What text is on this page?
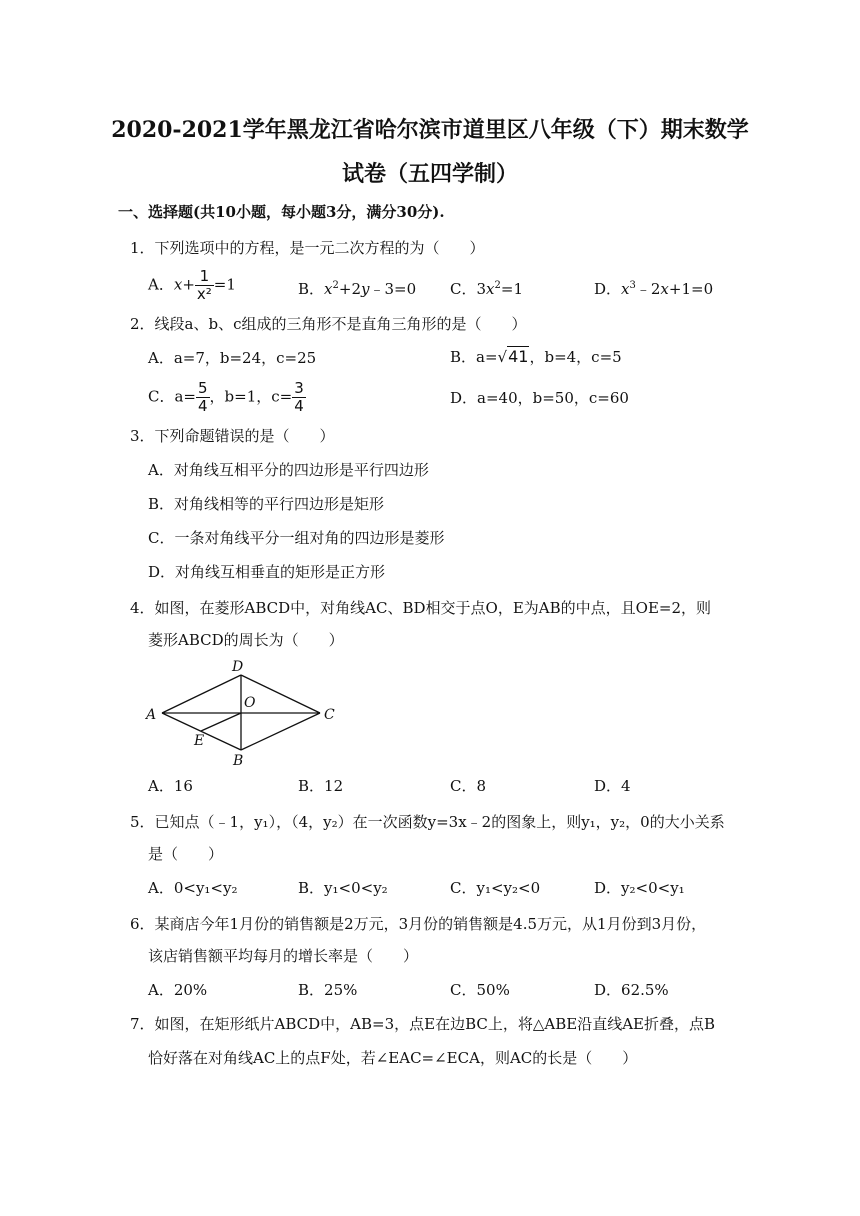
2020-2021学年黑龙江省哈尔滨市道里区八年级（下）期末数学
试卷（五四学制）
一、选择题(共10小题，每小题3分，满分30分).
1．下列选项中的方程，是一元二次方程的为（　　）
A．$x+ \frac{1}{\text{x²}} =1$	B．$x^2+2y﹣3=0$ C．$3x^2=1$	D．$x^3﹣2x+1=0$
2．线段a、b、c组成的三角形不是直角三角形的是（　　）
A．a=7，b=24，c=25	B．a=√41，b=4，c=5
C．$a= \frac{5}{4}$ ，b=1，$c= \frac{3}{4}$	D．a=40，b=50，c=60
3．下列命题错误的是（　　）
A．对角线互相平分的四边形是平行四边形
B．对角线相等的平行四边形是矩形
C．一条对角线平分一组对角的四边形是菱形
D．对角线互相垂直的矩形是正方形
4．如图，在菱形ABCD中，对角线AC、BD相交于点O，E为AB的中点，且OE=2，则
菱形ABCD的周长为（　　）
A
D
C
B
O
E
A．16	B．12	C．8	D．4
5．已知点（﹣1，y₁），（4，y₂）在一次函数y=3x﹣2的图象上，则y₁，y₂，0的大小关系
是（　　）
A．0<y₁<y₂	B．y₁<0<y₂	C．y₁<y₂<0	D．y₂<0<y₁
6．某商店今年1月份的销售额是2万元，3月份的销售额是4.5万元，从1月份到3月份，
该店销售额平均每月的增长率是（　　）
A．20%	B．25%	C．50%	D．62.5%
7．如图，在矩形纸片ABCD中，AB=3，点E在边BC上，将△ABE沿直线AE折叠，点B
恰好落在对角线AC上的点F处，若∠EAC=∠ECA，则AC的长是（　　）
